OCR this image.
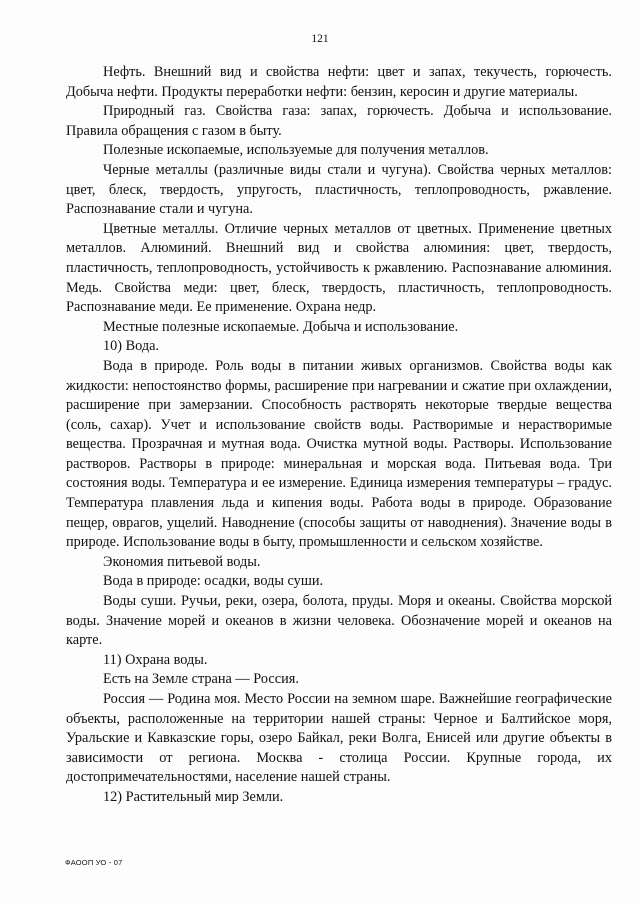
121

Нефть. Внешний вид и свойства нефти: цвет и запах, текучесть, горючесть. Добыча нефти. Продукты переработки нефти: бензин, керосин и другие материалы.

Природный газ. Свойства газа: запах, горючесть. Добыча и использование. Правила обращения с газом в быту.

Полезные ископаемые, используемые для получения металлов.

Черные металлы (различные виды стали и чугуна). Свойства черных металлов: цвет, блеск, твердость, упругость, пластичность, теплопроводность, ржавление. Распознавание стали и чугуна.

Цветные металлы. Отличие черных металлов от цветных. Применение цветных металлов. Алюминий. Внешний вид и свойства алюминия: цвет, твердость, пластичность, теплопроводность, устойчивость к ржавлению. Распознавание алюминия. Медь. Свойства меди: цвет, блеск, твердость, пластичность, теплопроводность. Распознавание меди. Ее применение. Охрана недр.

Местные полезные ископаемые. Добыча и использование.

10) Вода.

Вода в природе. Роль воды в питании живых организмов. Свойства воды как жидкости: непостоянство формы, расширение при нагревании и сжатие при охлаждении, расширение при замерзании. Способность растворять некоторые твердые вещества (соль, сахар). Учет и использование свойств воды. Растворимые и нерастворимые вещества. Прозрачная и мутная вода. Очистка мутной воды. Растворы. Использование растворов. Растворы в природе: минеральная и морская вода. Питьевая вода. Три состояния воды. Температура и ее измерение. Единица измерения температуры – градус. Температура плавления льда и кипения воды. Работа воды в природе. Образование пещер, оврагов, ущелий. Наводнение (способы защиты от наводнения). Значение воды в природе. Использование воды в быту, промышленности и сельском хозяйстве.

Экономия питьевой воды.

Вода в природе: осадки, воды суши.

Воды суши. Ручьи, реки, озера, болота, пруды. Моря и океаны. Свойства морской воды. Значение морей и океанов в жизни человека. Обозначение морей и океанов на карте.

11) Охрана воды.

Есть на Земле страна — Россия.

Россия — Родина моя. Место России на земном шаре. Важнейшие географические объекты, расположенные на территории нашей страны: Черное и Балтийское моря, Уральские и Кавказские горы, озеро Байкал, реки Волга, Енисей или другие объекты в зависимости от региона. Москва - столица России. Крупные города, их достопримечательностями, население нашей страны.

12) Растительный мир Земли.

ФАООП УО - 07
